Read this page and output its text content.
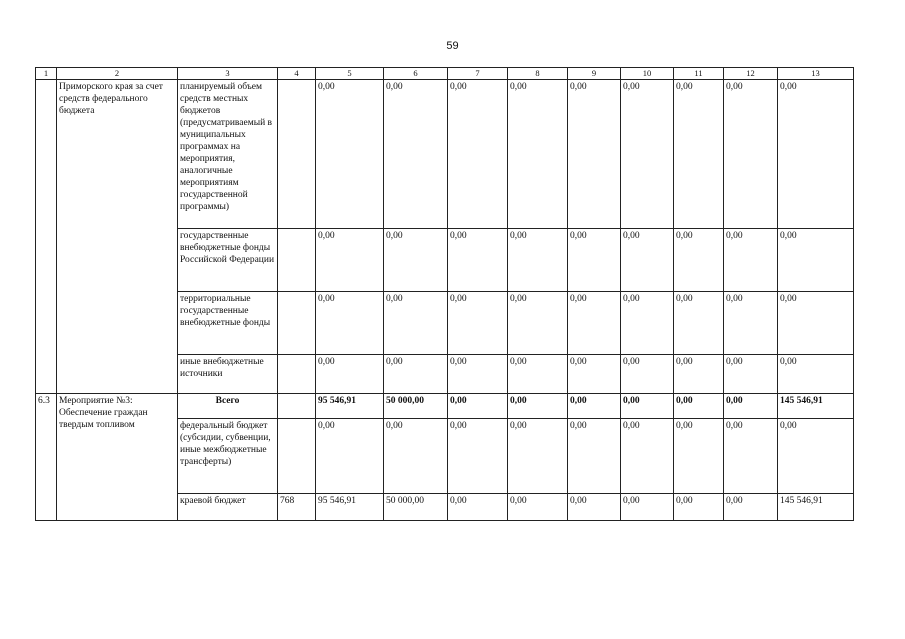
59
1	2	3	4	5	6	7	8	9	10	11	12	13
	Приморского края за счет средств федерального бюджета	планируемый объем средств местных бюджетов (предусматриваемый в муниципальных программах на мероприятия, аналогичные мероприятиям государственной программы)		0,00	0,00	0,00	0,00	0,00	0,00	0,00	0,00	0,00
		государственные внебюджетные фонды Российской Федерации		0,00	0,00	0,00	0,00	0,00	0,00	0,00	0,00	0,00
		территориальные государственные внебюджетные фонды		0,00	0,00	0,00	0,00	0,00	0,00	0,00	0,00	0,00
		иные внебюджетные источники		0,00	0,00	0,00	0,00	0,00	0,00	0,00	0,00	0,00
6.3	Мероприятие №3: Обеспечение граждан твердым топливом	Всего		95 546,91	50 000,00	0,00	0,00	0,00	0,00	0,00	0,00	145 546,91
		федеральный бюджет (субсидии, субвенции, иные межбюджетные трансферты)		0,00	0,00	0,00	0,00	0,00	0,00	0,00	0,00	0,00
		краевой бюджет	768	95 546,91	50 000,00	0,00	0,00	0,00	0,00	0,00	0,00	145 546,91
